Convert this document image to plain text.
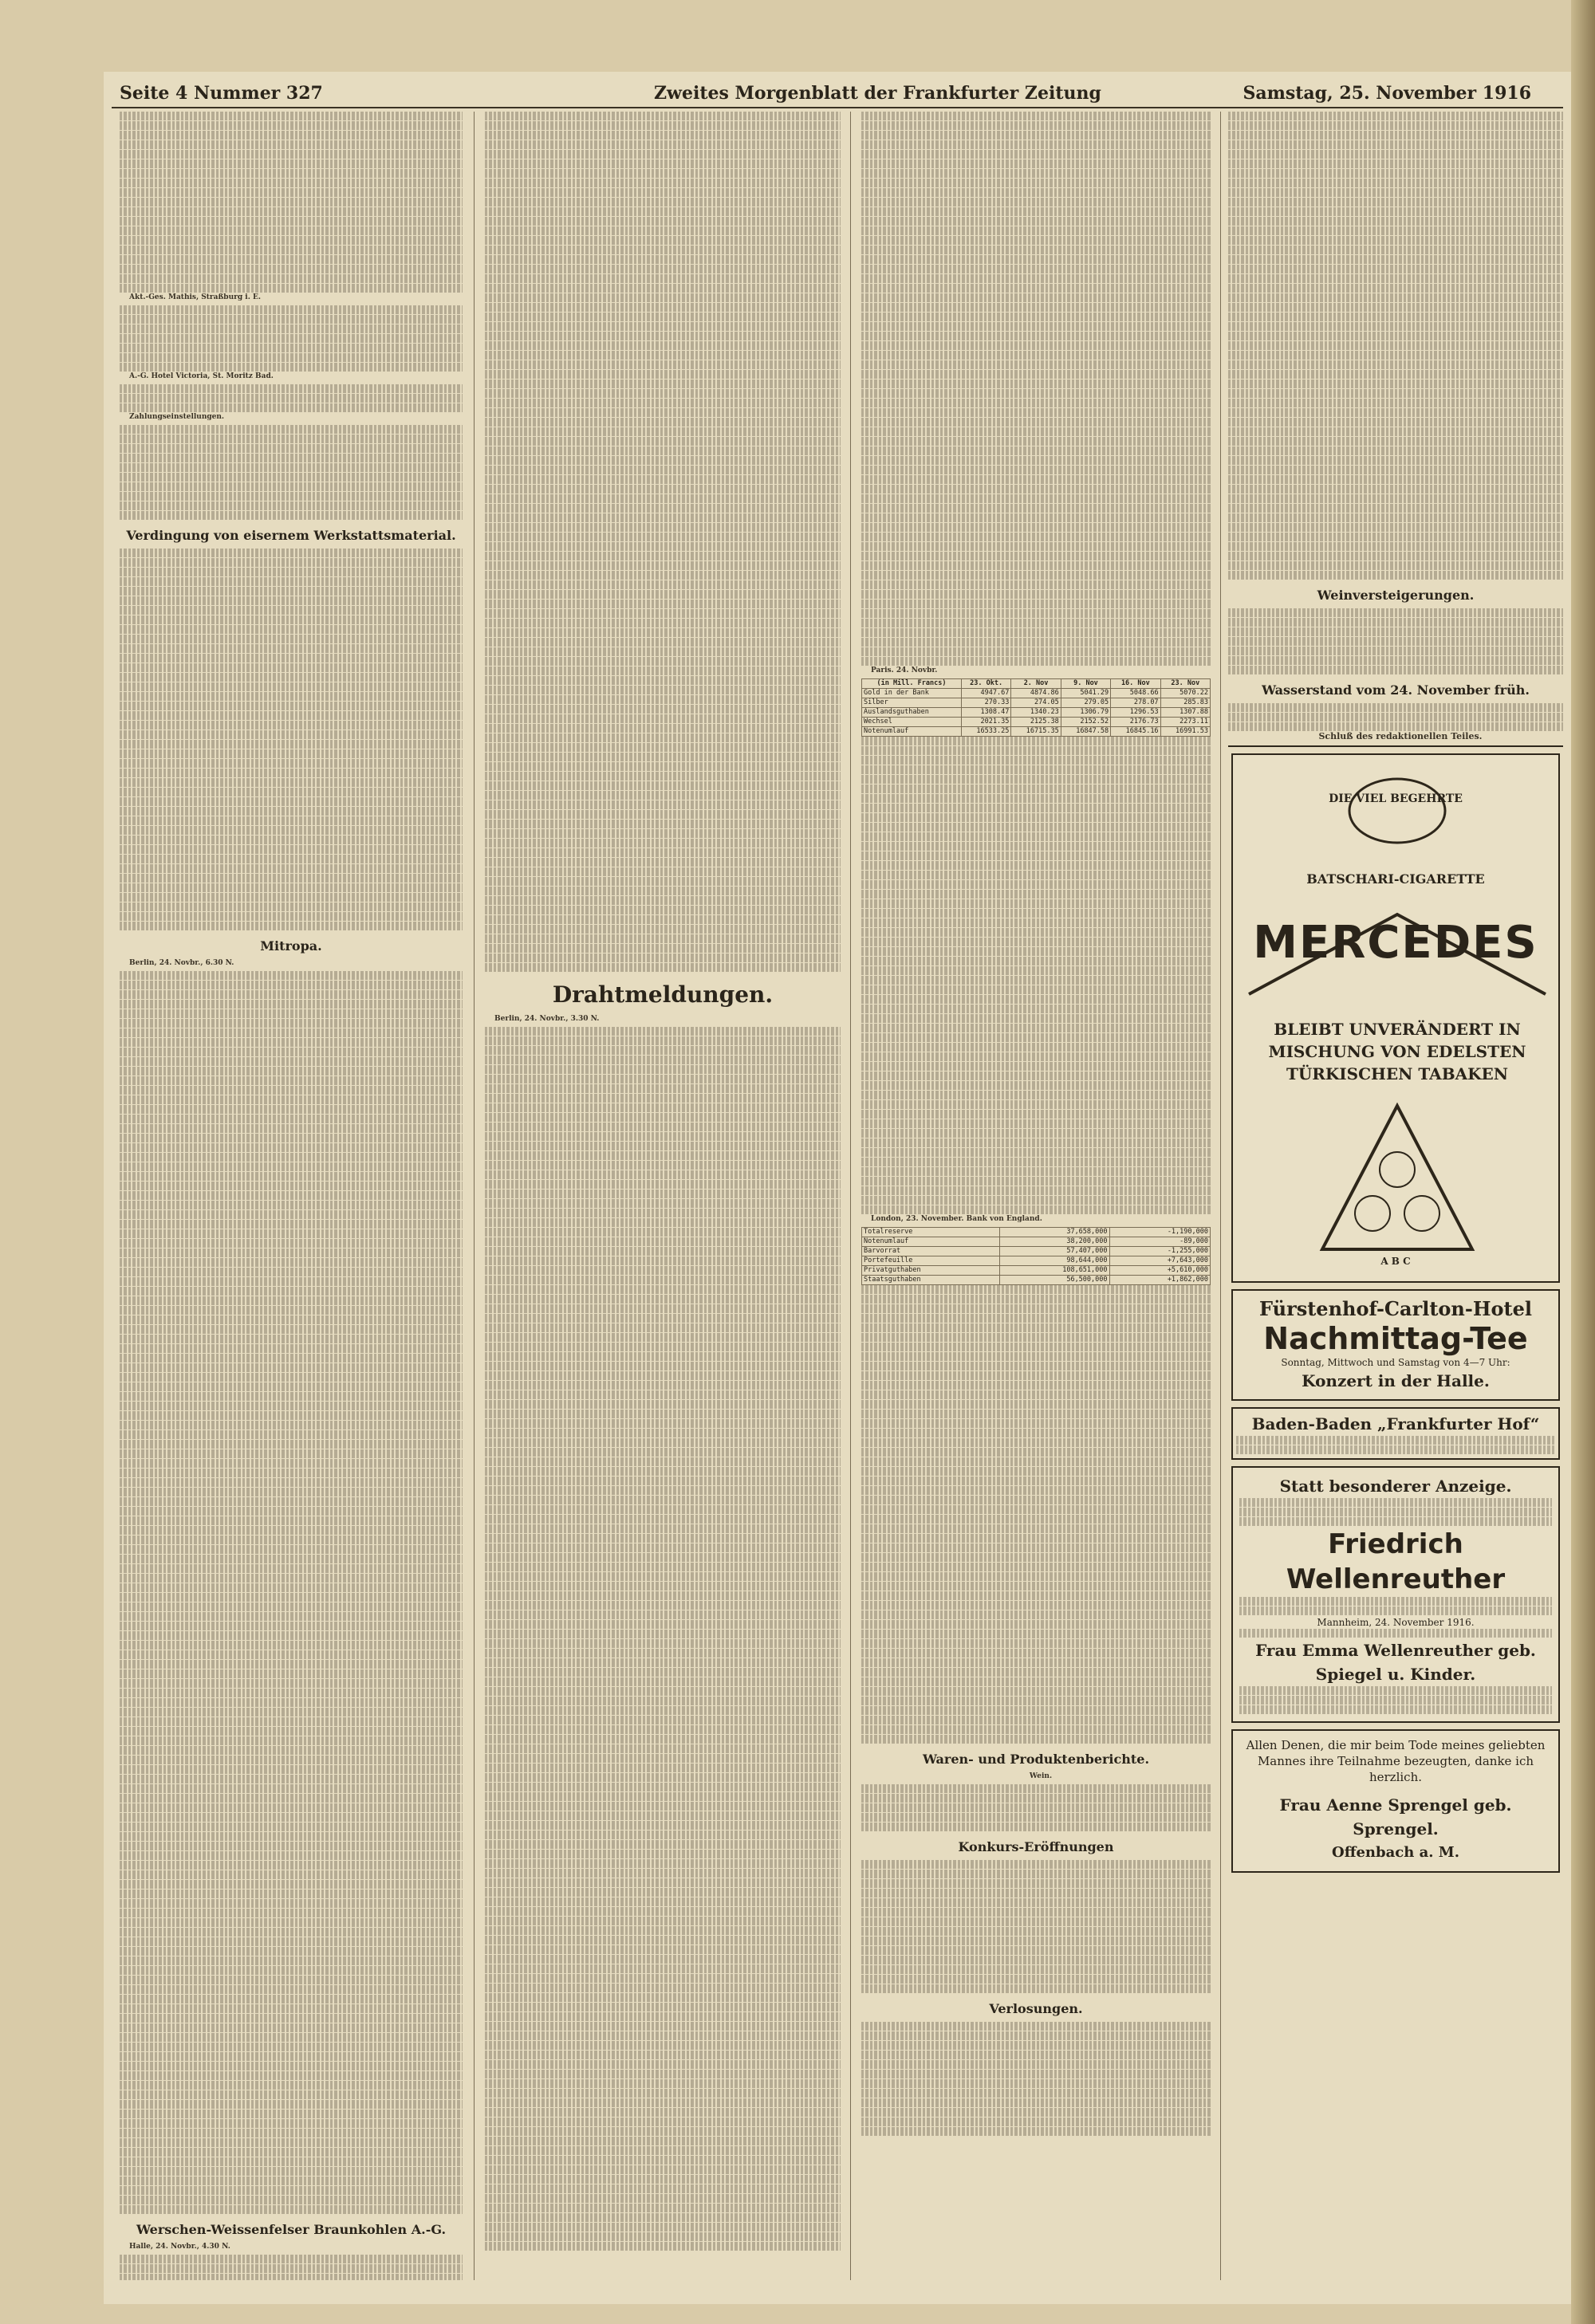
Seite 4 Nummer 327	Zweites Morgenblatt der Frankfurter Zeitung	Samstag, 25. November 1916

Akt.-Ges. Mathis, Straßburg i. E.

A.-G. Hotel Victoria, St. Moritz Bad.

Zahlungseinstellungen.

Verdingung von eisernem Werkstattsmaterial.
Mitropa.

Berlin, 24. Novbr., 6.30 N.

Werschen-Weissenfelser Braunkohlen A.-G.

Halle, 24. Novbr., 4.30 N.

Drahtmeldungen.

Berlin, 24. Novbr., 3.30 N.

Paris. 24. Novbr.

(in Mill. Francs)	23. Okt.	2. Nov	9. Nov	16. Nov	23. Nov
Gold in der Bank	4947.67	4874.86	5041.29	5048.66	5070.22
Silber	270.33	274.05	279.05	278.07	285.83
Auslandsguthaben	1308.47	1340.23	1306.79	1296.53	1307.88
Wechsel	2021.35	2125.38	2152.52	2176.73	2273.11
Notenumlauf	16533.25	16715.35	16847.58	16845.16	16991.53

London, 23. November. Bank von England.

Totalreserve	37,658,000	-1,190,000
Notenumlauf	38,200,000	-89,000
Barvorrat	57,407,000	-1,255,000
Portefeuille	98,644,000	+7,643,000
Privatguthaben	108,651,000	+5,610,000
Staatsguthaben	56,500,000	+1,862,000
Waren- und Produktenberichte.

Wein.

Konkurs-Eröffnungen
Verlosungen.
Weinversteigerungen.
Wasserstand vom 24. November früh.

Schluß des redaktionellen Teiles.

DIE VIEL BEGEHRTE
BATSCHARI-CIGARETTE
MERCEDES
BLEIBT UNVERÄNDERT IN MISCHUNG VON EDELSTEN TÜRKISCHEN TABAKEN
A B C
Fürstenhof-Carlton-Hotel
Nachmittag-Tee
Sonntag, Mittwoch und Samstag von 4—7 Uhr:
Konzert in der Halle.
Baden-Baden „Frankfurter Hof“
Statt besonderer Anzeige.
Friedrich Wellenreuther
Mannheim, 24. November 1916.
Frau Emma Wellenreuther geb. Spiegel u. Kinder.
Allen Denen, die mir beim Tode meines geliebten Mannes ihre Teilnahme bezeugten, danke ich herzlich.
Frau Aenne Sprengel geb. Sprengel.
Offenbach a. M.
